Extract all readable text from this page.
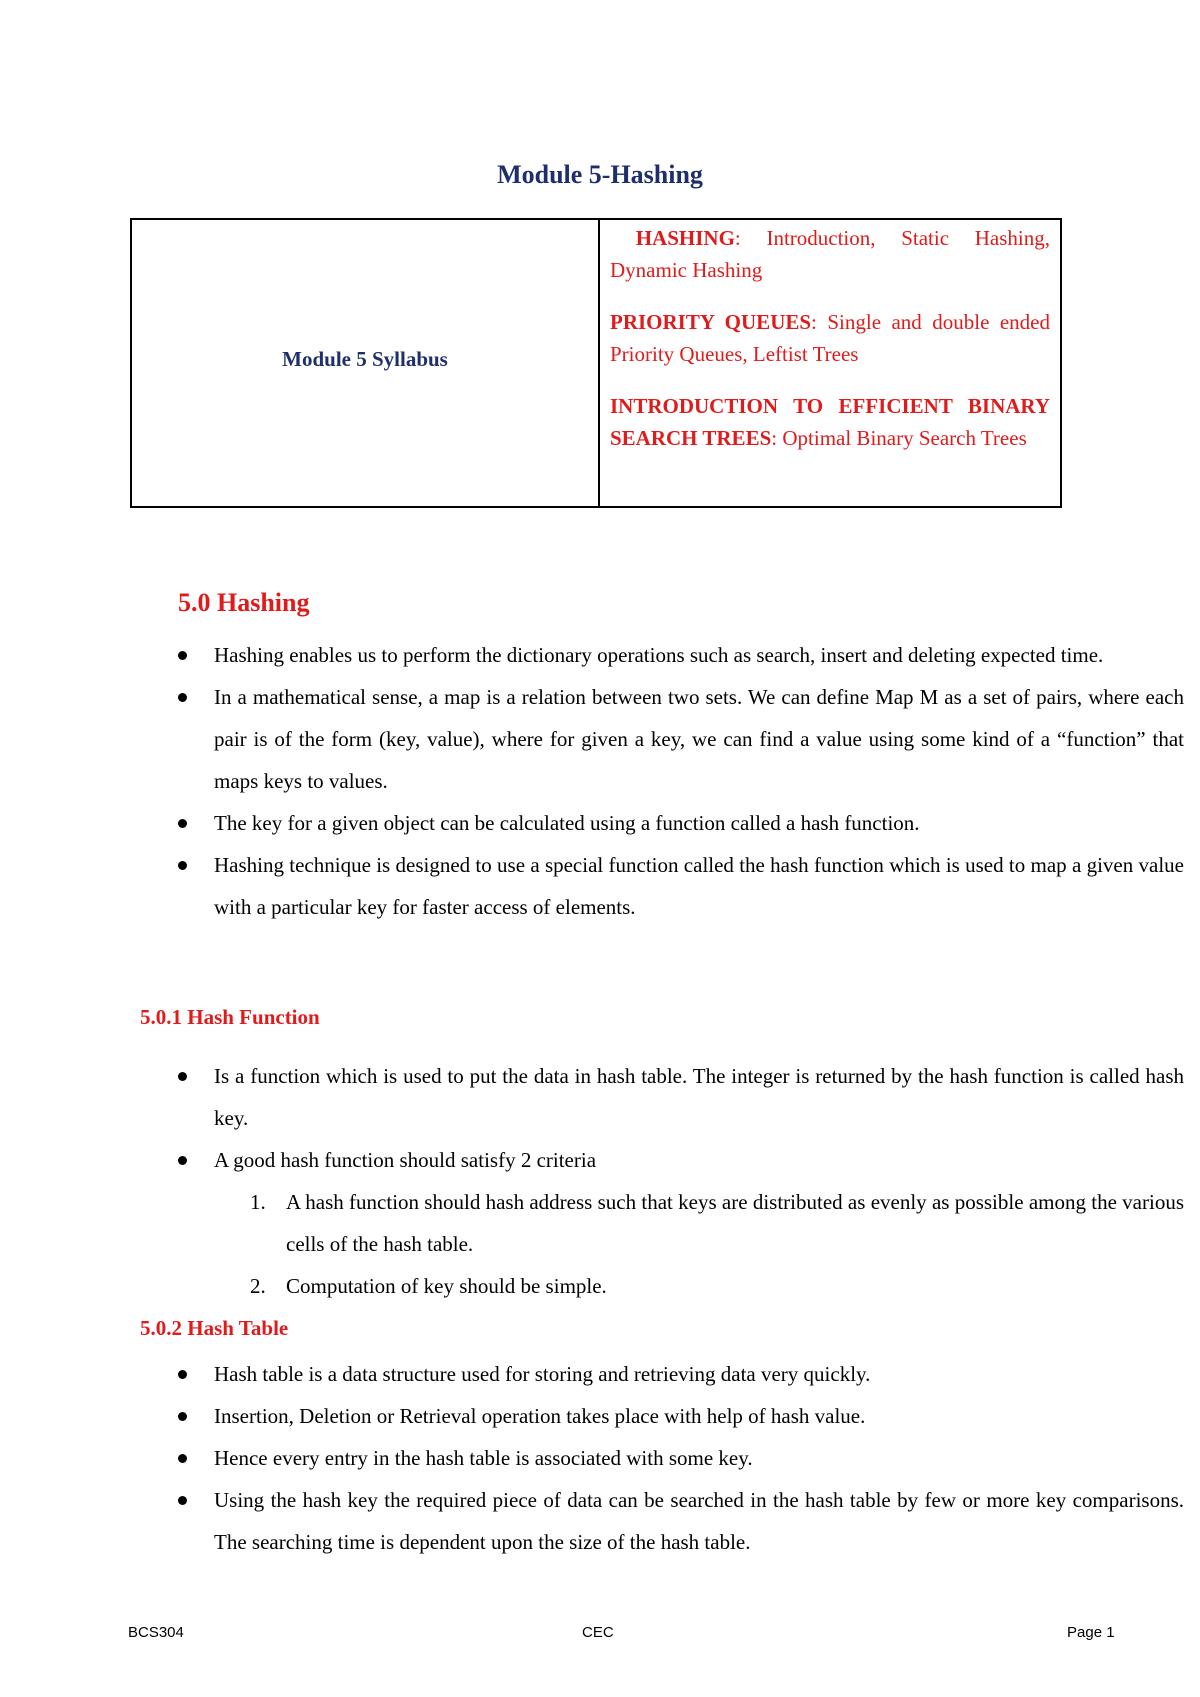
Module 5-Hashing
Module 5 Syllabus

HASHING: Introduction, Static Hashing, Dynamic Hashing

PRIORITY QUEUES: Single and double ended Priority Queues, Leftist Trees

INTRODUCTION TO EFFICIENT BINARY SEARCH TREES: Optimal Binary Search Trees

5.0 Hashing
Hashing enables us to perform the dictionary operations such as search, insert and deleting expected time.
In a mathematical sense, a map is a relation between two sets. We can define Map M as a set of pairs, where each pair is of the form (key, value), where for given a key, we can find a value using some kind of a “function” that maps keys to values.
The key for a given object can be calculated using a function called a hash function.
Hashing technique is designed to use a special function called the hash function which is used to map a given value with a particular key for faster access of elements.
5.0.1 Hash Function
Is a function which is used to put the data in hash table. The integer is returned by the hash function is called hash key.
A good hash function should satisfy 2 criteria
1. A hash function should hash address such that keys are distributed as evenly as possible among the various cells of the hash table.
2. Computation of key should be simple.
5.0.2 Hash Table
Hash table is a data structure used for storing and retrieving data very quickly.
Insertion, Deletion or Retrieval operation takes place with help of hash value.
Hence every entry in the hash table is associated with some key.
Using the hash key the required piece of data can be searched in the hash table by few or more key comparisons. The searching time is dependent upon the size of the hash table.
BCS304	CEC	Page 1
